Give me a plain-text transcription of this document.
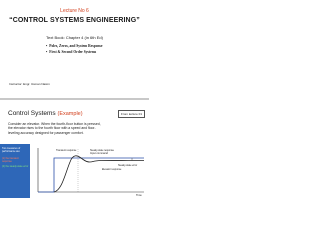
Lecture No 6
“CONTROL SYSTEMS ENGINEERING”
Text Book: Chapter 4 (in 6th Ed)
• Poles, Zeros, and System Response
• First & Second Order Systems
Instructor: Engr. Usman Nasim
Control Systems (Example)	From lecture 01
Consider an elevator. When the fourth-floor button is pressed,
the elevator rises to the fourth floor with a speed and floor-
leveling accuracy designed for passenger comfort.
Two measures of performance are:
(1) the transient response
(2) the steady-state error
Input command
Transient response	Steady-state response
Elevator response
Steady-state error
Time
